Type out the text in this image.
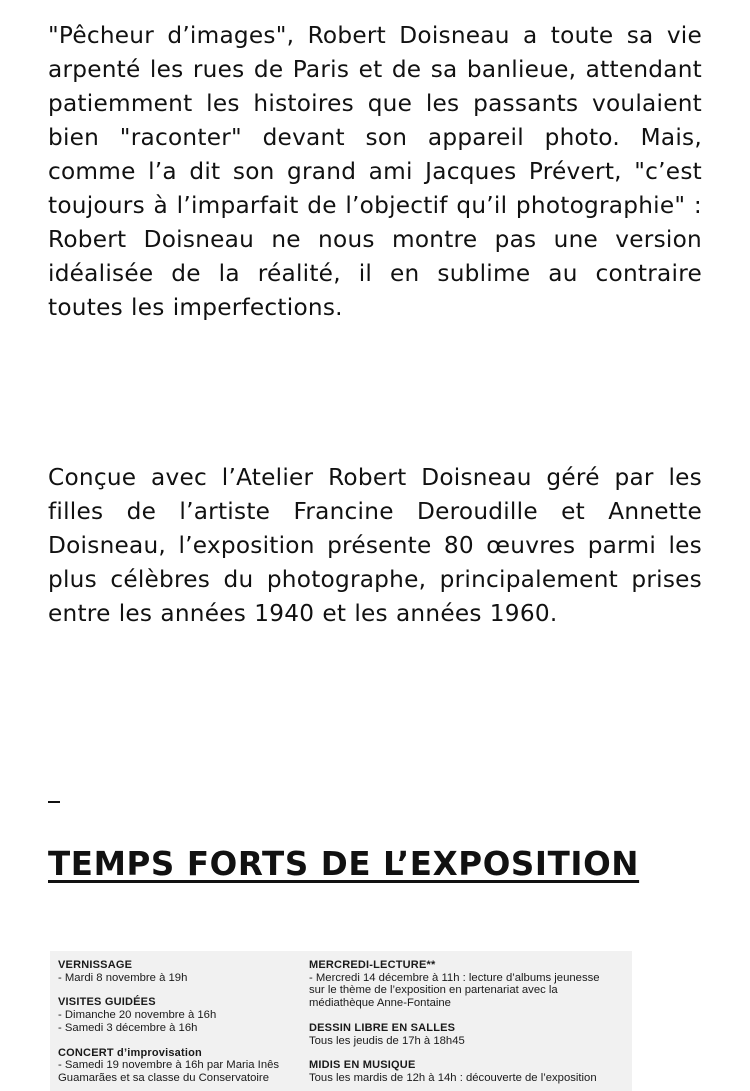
"Pêcheur d’images", Robert Doisneau a toute sa vie arpenté les rues de Paris et de sa banlieue, attendant patiemment les histoires que les passants voulaient bien "raconter" devant son appareil photo. Mais, comme l’a dit son grand ami Jacques Prévert, "c’est toujours à l’imparfait de l’objectif qu’il photographie" : Robert Doisneau ne nous montre pas une version idéalisée de la réalité, il en sublime au contraire toutes les imperfections.

Conçue avec l’Atelier Robert Doisneau géré par les filles de l’artiste Francine Deroudille et Annette Doisneau, l’exposition présente 80 œuvres parmi les plus célèbres du photographe, principalement prises entre les années 1940 et les années 1960.

TEMPS FORTS DE L’EXPOSITION
VERNISSAGE
- Mardi 8 novembre à 19h
VISITES GUIDÉES
- Dimanche 20 novembre à 16h
- Samedi 3 décembre à 16h
CONCERT d’improvisation
- Samedi 19 novembre à 16h par Maria Inês
Guamarães et sa classe du Conservatoire
MERCREDI-LECTURE**
- Mercredi 14 décembre à 11h : lecture d’albums jeunesse
sur le thème de l’exposition en partenariat avec la
médiathèque Anne-Fontaine
DESSIN LIBRE EN SALLES
Tous les jeudis de 17h à 18h45
MIDIS EN MUSIQUE
Tous les mardis de 12h à 14h : découverte de l’exposition
